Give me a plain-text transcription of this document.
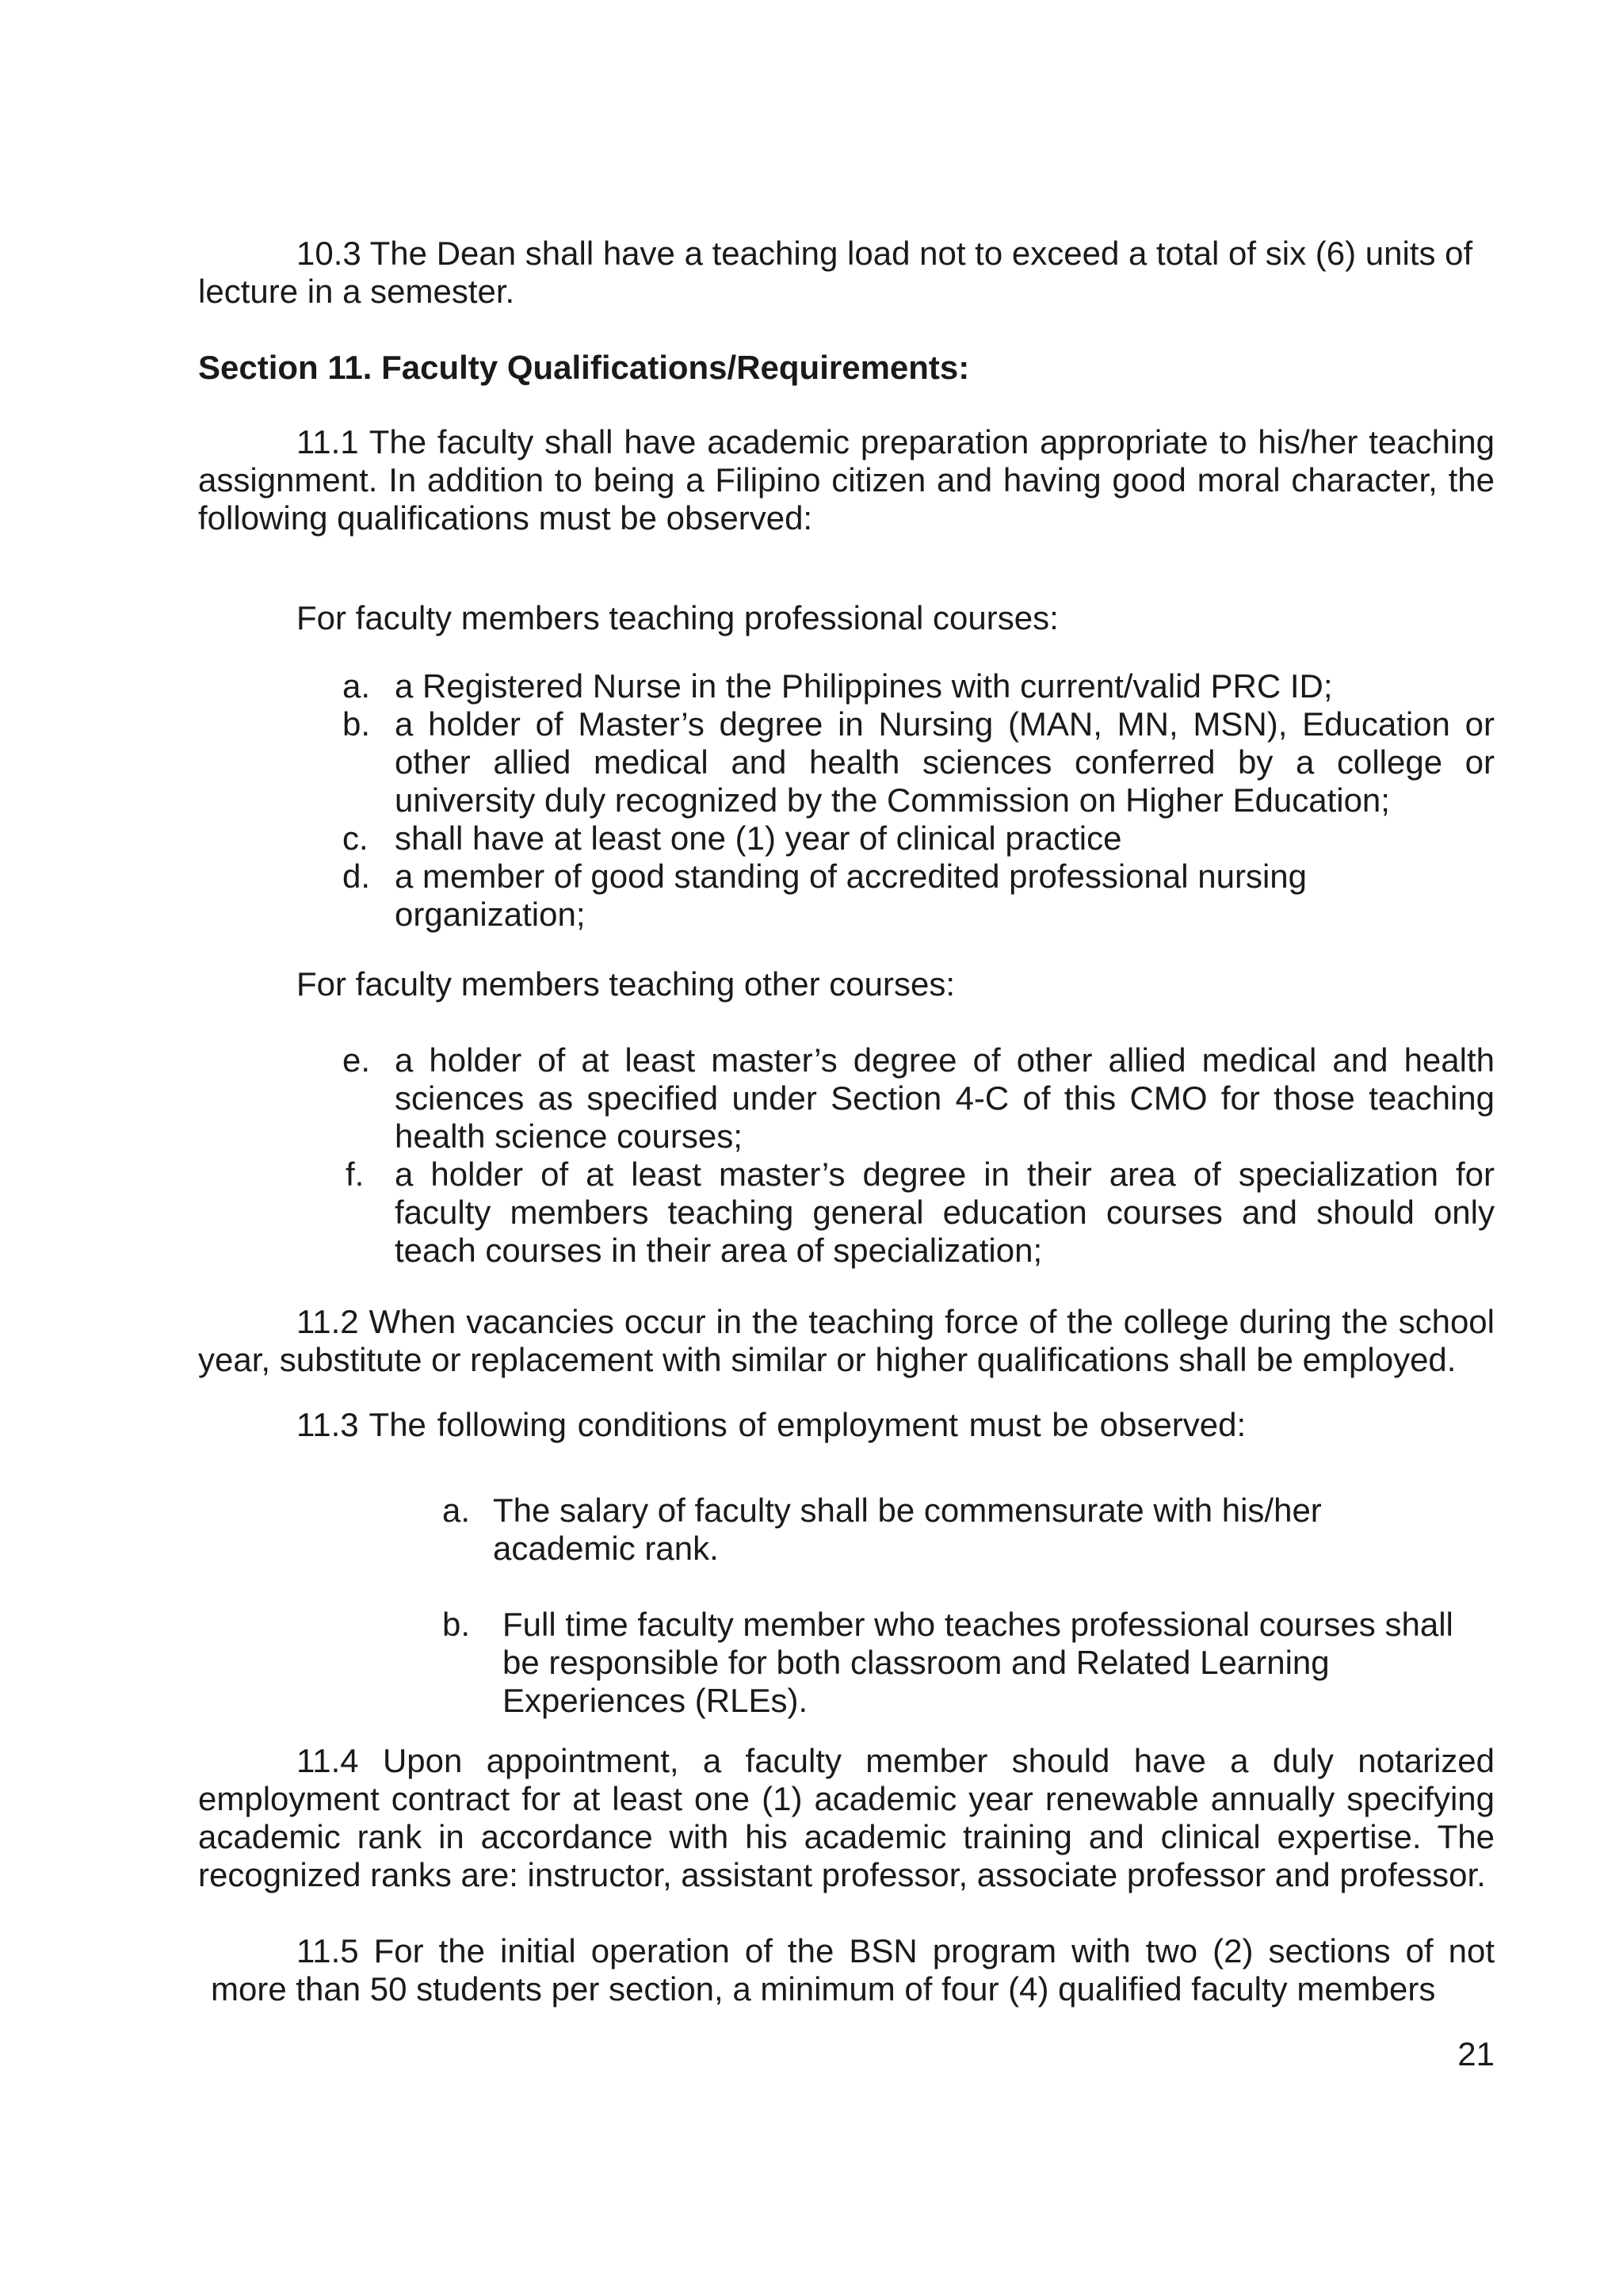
10.3 The Dean shall have a teaching load not to exceed a total of six (6) units of lecture in a semester.

Section 11. Faculty Qualifications/Requirements:

11.1 The faculty shall have academic preparation appropriate to his/her teaching assignment. In addition to being a Filipino citizen and having good moral character, the following qualifications must be observed:

For faculty members teaching professional courses:

a. a Registered Nurse in the Philippines with current/valid PRC ID;
b. a holder of Master’s degree in Nursing (MAN, MN, MSN), Education or other allied medical and health sciences conferred by a college or university duly recognized by the Commission on Higher Education;
c. shall have at least one (1) year of clinical practice
d. a member of good standing of accredited professional nursing organization;

For faculty members teaching other courses:

e. a holder of at least master’s degree of other allied medical and health sciences as specified under Section 4-C of this CMO for those teaching health science courses;
f. a holder of at least master’s degree in their area of specialization for faculty members teaching general education courses and should only teach courses in their area of specialization;

11.2 When vacancies occur in the teaching force of the college during the school year, substitute or replacement with similar or higher qualifications shall be employed.

11.3 The following conditions of employment must be observed:

a. The salary of faculty shall be commensurate with his/her academic rank.
b. Full time faculty member who teaches professional courses shall be responsible for both classroom and Related Learning Experiences (RLEs).

11.4 Upon appointment, a faculty member should have a duly notarized employment contract for at least one (1) academic year renewable annually specifying academic rank in accordance with his academic training and clinical expertise. The recognized ranks are: instructor, assistant professor, associate professor and professor.

11.5 For the initial operation of the BSN program with two (2) sections of not more than 50 students per section, a minimum of four (4) qualified faculty members

21
